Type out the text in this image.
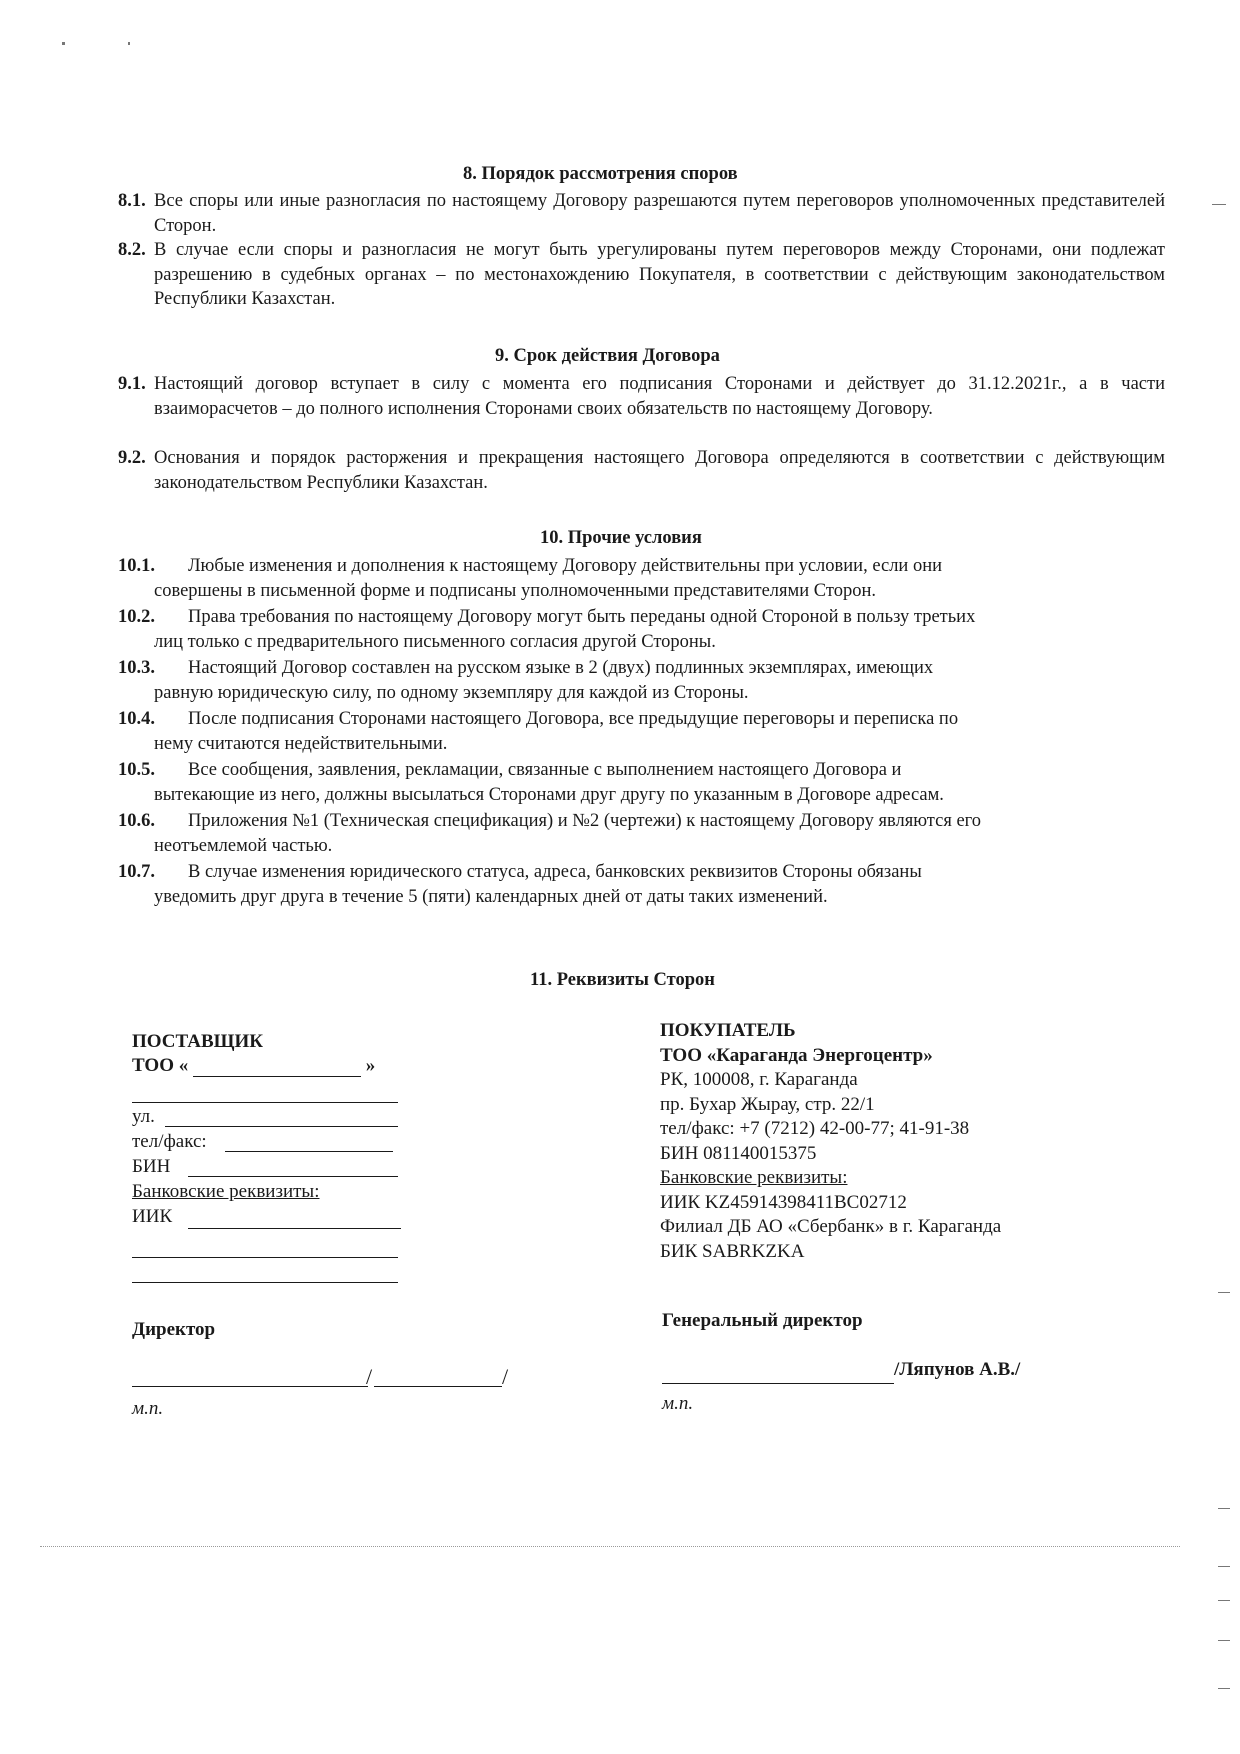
8. Порядок рассмотрения споров
8.1. Все споры или иные разногласия по настоящему Договору разрешаются путем переговоров уполномоченных представителей Сторон.
8.2. В случае если споры и разногласия не могут быть урегулированы путем переговоров между Сторонами, они подлежат разрешению в судебных органах – по местонахождению Покупателя, в соответствии с действующим законодательством Республики Казахстан.
9. Срок действия Договора
9.1. Настоящий договор вступает в силу с момента его подписания Сторонами и действует до 31.12.2021г., а в части взаиморасчетов – до полного исполнения Сторонами своих обязательств по настоящему Договору.
9.2. Основания и порядок расторжения и прекращения настоящего Договора определяются в соответствии с действующим законодательством Республики Казахстан.
10. Прочие условия
10.1.	Любые изменения и дополнения к настоящему Договору действительны при условии, если они
совершены в письменной форме и подписаны уполномоченными представителями Сторон.
10.2.	Права требования по настоящему Договору могут быть переданы одной Стороной в пользу третьих
лиц только с предварительного письменного согласия другой Стороны.
10.3.	Настоящий Договор составлен на русском языке в 2 (двух) подлинных экземплярах, имеющих
равную юридическую силу, по одному экземпляру для каждой из Стороны.
10.4.	После подписания Сторонами настоящего Договора, все предыдущие переговоры и переписка по
нему считаются недействительными.
10.5.	Все сообщения, заявления, рекламации, связанные с выполнением настоящего Договора и
вытекающие из него, должны высылаться Сторонами друг другу по указанным в Договоре адресам.
10.6.	Приложения №1 (Техническая спецификация) и №2 (чертежи) к настоящему Договору являются его
неотъемлемой частью.
10.7.	В случае изменения юридического статуса, адреса, банковских реквизитов Стороны обязаны
уведомить друг друга в течение 5 (пяти) календарных дней от даты таких изменений.
11. Реквизиты Сторон
ПОСТАВЩИК
ТОО «	»
ул.
тел/факс:
БИН
Банковские реквизиты:
ИИК
Директор
/	/
м.п.
ПОКУПАТЕЛЬ
ТОО «Караганда Энергоцентр»
РК, 100008, г. Караганда
пр. Бухар Жырау, стр. 22/1
тел/факс: +7 (7212) 42-00-77; 41-91-38
БИН 081140015375
Банковские реквизиты:
ИИК KZ45914398411BC02712
Филиал ДБ АО «Сбербанк» в г. Караганда
БИК SABRKZKA
Генеральный директор
/Ляпунов А.В./
м.п.
